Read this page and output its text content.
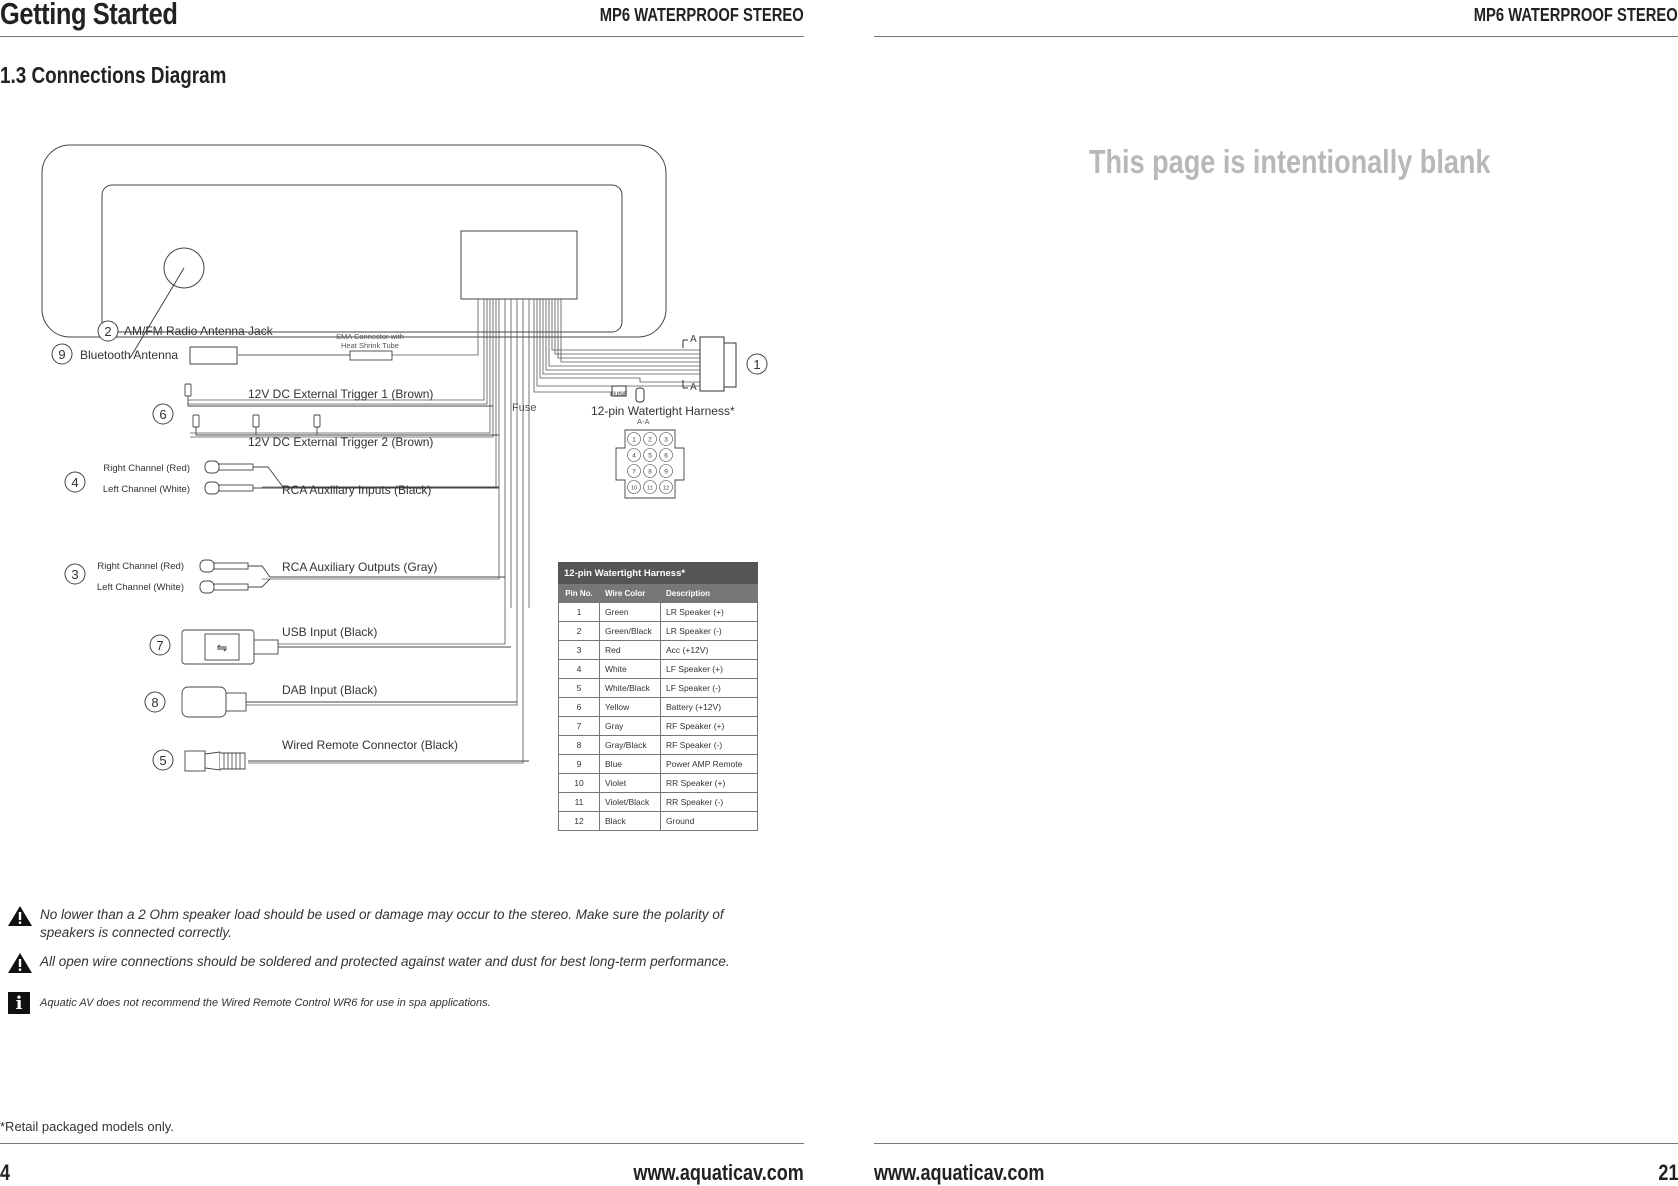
Getting Started	MP6 WATERPROOF STEREO
1.3 Connections Diagram
A
A
FUSE
Fuse	12-pin Watertight Harness*
A-A
1 2 3
4 5 6
7 8 9
10 11 12
1
2 AM/FM Radio Antenna Jack	SMA Connector with
Heat Shrink Tube
9 Bluetooth Antenna
12V DC External Trigger 1 (Brown)
6
12V DC External Trigger 2 (Brown)
Right Channel (Red)
Left Channel (White)
4	RCA Auxiliary Inputs (Black)
Right Channel (Red)
Left Channel (White)
3	RCA Auxiliary Outputs (Gray)
⇋
7
USB Input (Black)
8
DAB Input (Black)
5
Wired Remote Connector (Black)
12-pin Watertight Harness*		
Pin No.	Wire Color	Description
1	Green	LR Speaker (+)
2	Green/Black	LR Speaker (-)
3	Red	Acc (+12V)
4	White	LF Speaker (+)
5	White/Black	LF Speaker (-)
6	Yellow	Battery (+12V)
7	Gray	RF Speaker (+)
8	Gray/Black	RF Speaker (-)
9	Blue	Power AMP Remote
10	Violet	RR Speaker (+)
11	Violet/Black	RR Speaker (-)
12	Black	Ground
No lower than a 2 Ohm speaker load should be used or damage may occur to the stereo. Make sure the polarity of speakers is connected correctly.
All open wire connections should be soldered and protected against water and dust for best long-term performance.
i	Aquatic AV does not recommend the Wired Remote Control WR6 for use in spa applications.
*Retail packaged models only.
4	www.aquaticav.com
MP6 WATERPROOF STEREO
This page is intentionally blank
www.aquaticav.com	21
